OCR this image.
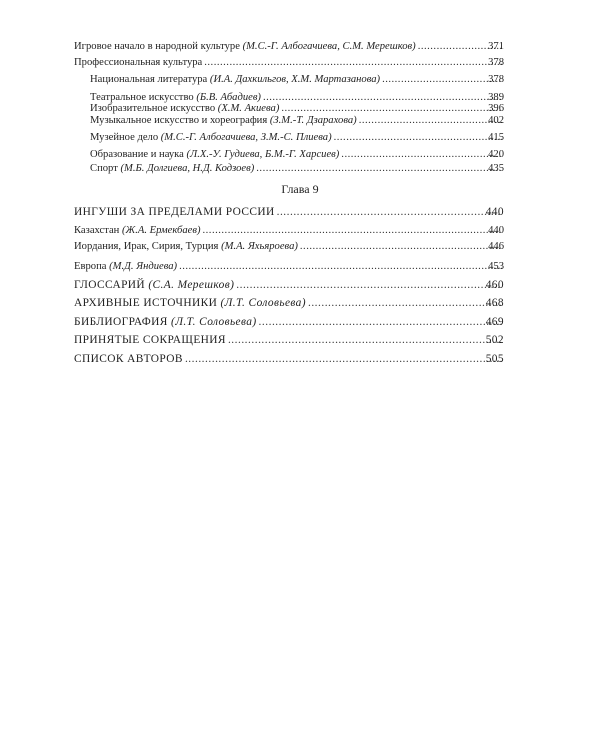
Игровое начало в народной культуре (М.С.-Г. Албогачиева, С.М. Мерешков) .....	371
Профессиональная культура .....	378
Национальная литература (И.А. Дахкильгов, Х.М. Мартазанова) .....	378
Театральное искусство (Б.В. Абадиев) .....	389
Изобразительное искусство (Х.М. Акиева) .....	396
Музыкальное искусство и хореография (З.М.-Т. Дзарахова) .....	402
Музейное дело (М.С.-Г. Албогачиева, З.М.-С. Плиева) .....	415
Образование и наука (Л.Х.-У. Гудиева, Б.М.-Г. Харсиев) .....	420
Спорт (М.Б. Долгиева, Н.Д. Кодзоев) .....	435
Глава 9
ИНГУШИ ЗА ПРЕДЕЛАМИ РОССИИ .....	440
Казахстан (Ж.А. Ермекбаев) .....	440
Иордания, Ирак, Сирия, Турция (М.А. Яхьяроева) .....	446
Европа (М.Д. Яндиева) .....	453
ГЛОССАРИЙ (С.А. Мерешков) .....	460
АРХИВНЫЕ ИСТОЧНИКИ (Л.Т. Соловьева) .....	468
БИБЛИОГРАФИЯ (Л.Т. Соловьева) .....	469
ПРИНЯТЫЕ СОКРАЩЕНИЯ .....	502
СПИСОК АВТОРОВ .....	505
